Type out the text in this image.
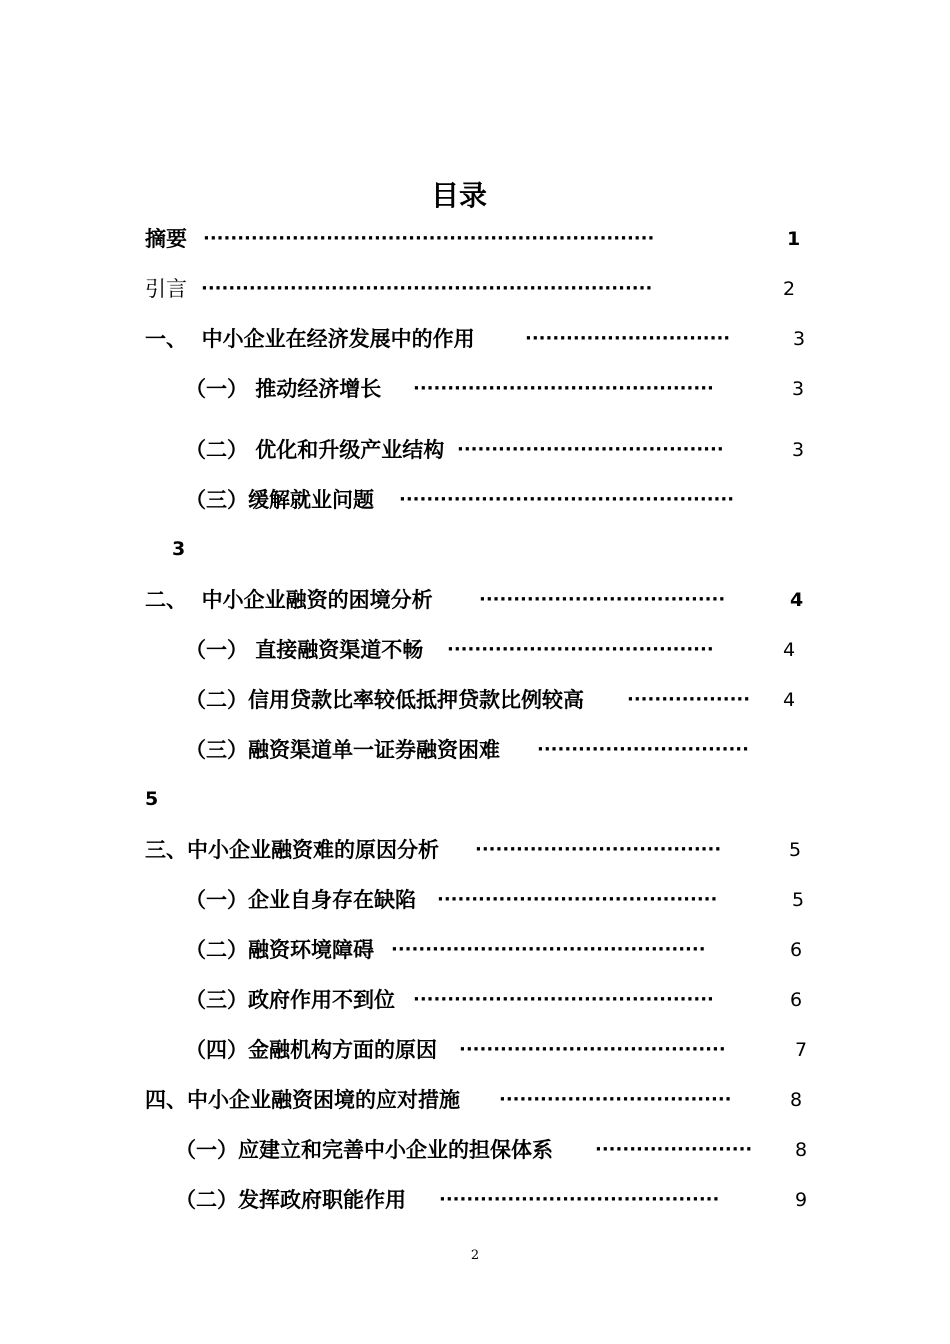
目录
摘要 ··································································	1
引言 ··································································	2
一、  中小企业在经济发展中的作用	······························	3
（一） 推动经济增长 ············································	3
（二） 优化和升级产业结构 ·······································	3
（三）缓解就业问题 ·················································
3
二、  中小企业融资的困境分析	····································	4
（一） 直接融资渠道不畅 ·······································	4
（二）信用贷款比率较低抵押贷款比例较高 ··················	4
（三）融资渠道单一证券融资困难 ·······························
5
三、中小企业融资难的原因分析 ····································	5
（一）企业自身存在缺陷 ·········································	5
（二）融资环境障碍 ··············································	6
（三）政府作用不到位 ············································	6
（四）金融机构方面的原因 ·······································	7
四、中小企业融资困境的应对措施 ··································	8
（一）应建立和完善中小企业的担保体系 ·······················	8
（二）发挥政府职能作用 ·········································	9
2
